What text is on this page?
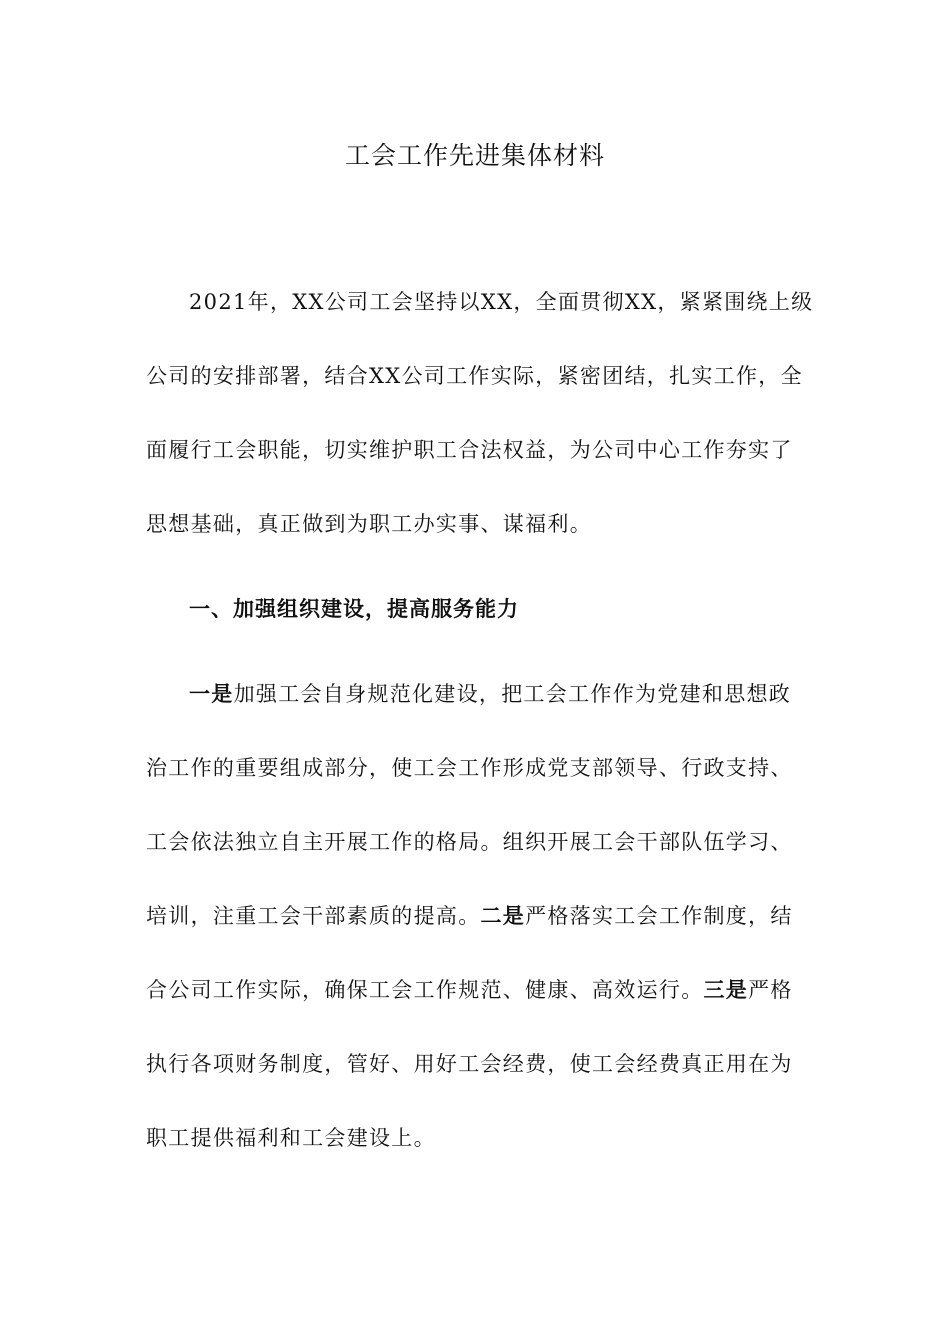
工会工作先进集体材料
2021年，XX公司工会坚持以XX，全面贯彻XX，紧紧围绕上级
公司的安排部署，结合XX公司工作实际，紧密团结，扎实工作，全
面履行工会职能，切实维护职工合法权益，为公司中心工作夯实了
思想基础，真正做到为职工办实事、谋福利。
一、加强组织建设，提高服务能力
一是加强工会自身规范化建设，把工会工作作为党建和思想政
治工作的重要组成部分，使工会工作形成党支部领导、行政支持、
工会依法独立自主开展工作的格局。组织开展工会干部队伍学习、
培训，注重工会干部素质的提高。二是严格落实工会工作制度，结
合公司工作实际，确保工会工作规范、健康、高效运行。三是严格
执行各项财务制度，管好、用好工会经费，使工会经费真正用在为
职工提供福利和工会建设上。
